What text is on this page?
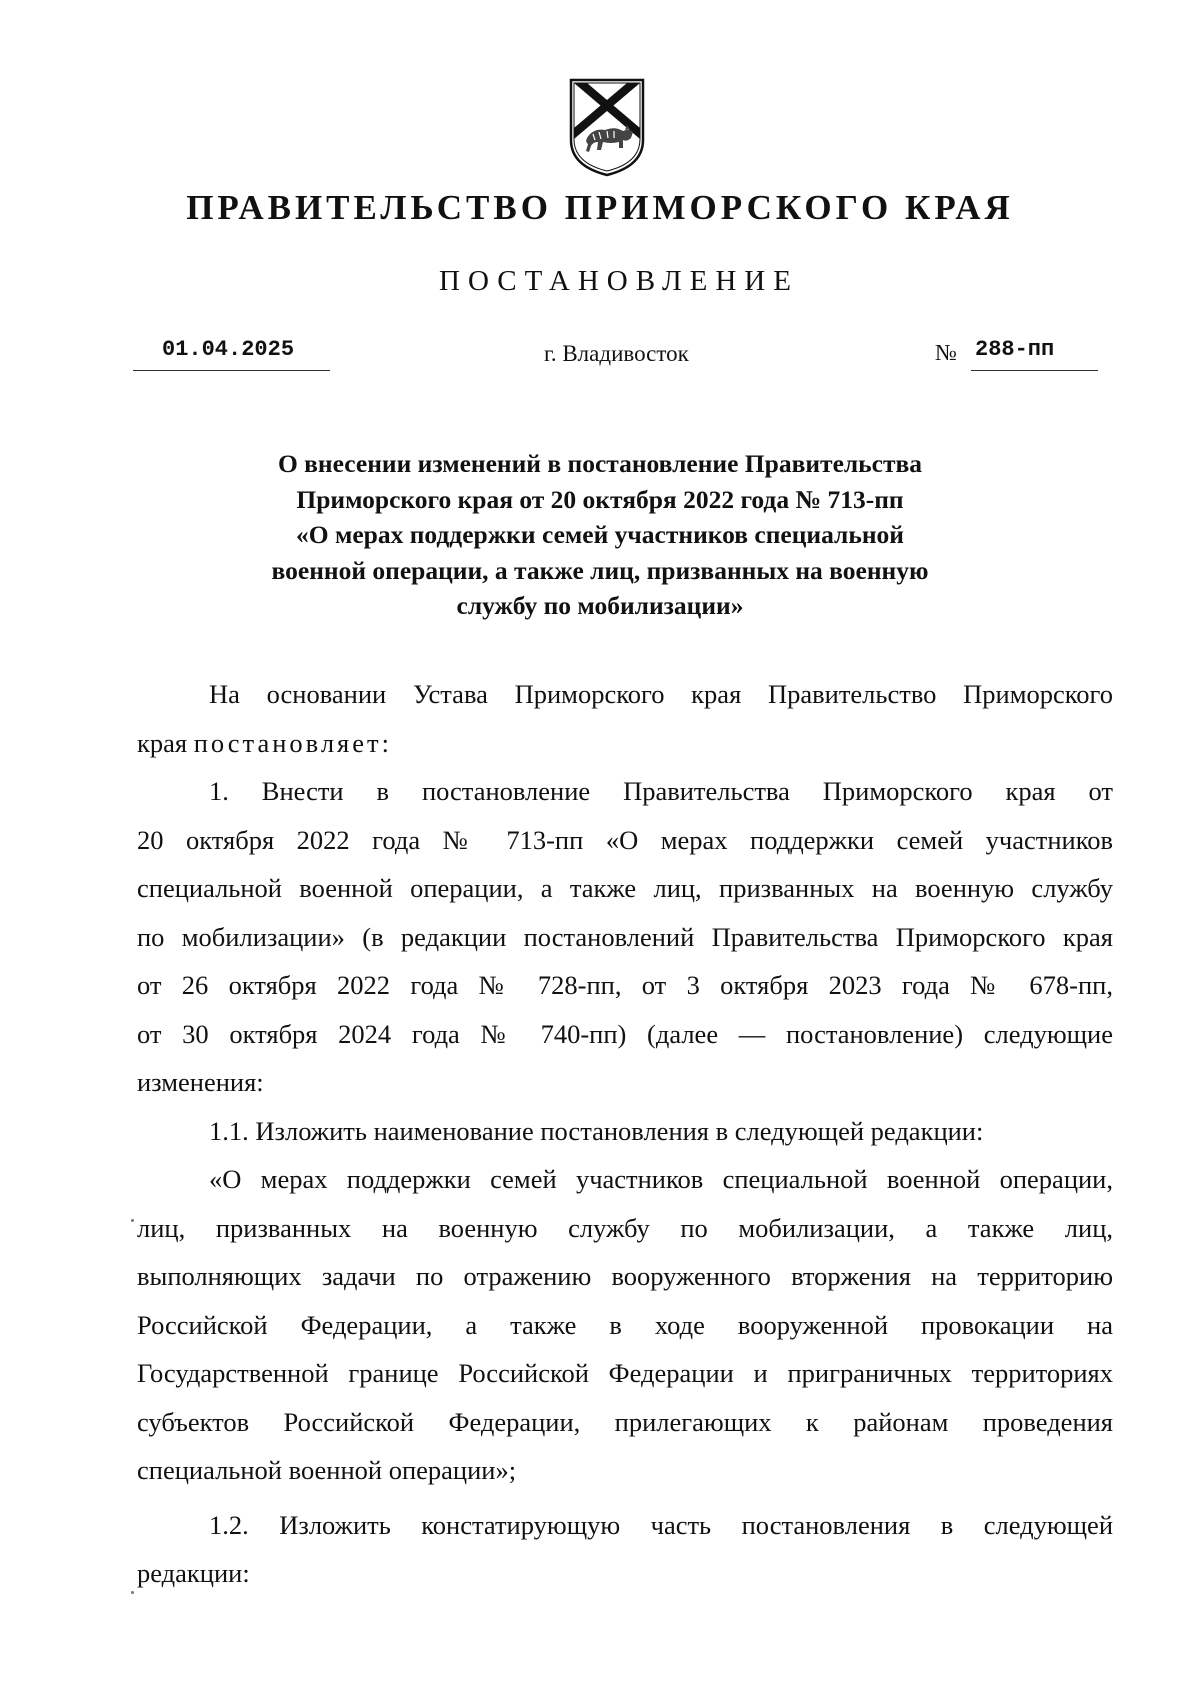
ПРАВИТЕЛЬСТВО ПРИМОРСКОГО КРАЯ
ПОСТАНОВЛЕНИЕ
01.04.2025	г. Владивосток	№ 288-пп
О внесении изменений в постановление Правительства
Приморского края от 20 октября 2022 года № 713-пп
«О мерах поддержки семей участников специальной
военной операции, а также лиц, призванных на военную
службу по мобилизации»
На основании Устава Приморского края Правительство Приморского
края постановляет:
1. Внести в постановление Правительства Приморского края от
20 октября 2022 года № 713-пп «О мерах поддержки семей участников
специальной военной операции, а также лиц, призванных на военную службу
по мобилизации» (в редакции постановлений Правительства Приморского края
от 26 октября 2022 года № 728-пп, от 3 октября 2023 года № 678-пп,
от 30 октября 2024 года № 740-пп) (далее — постановление) следующие
изменения:
1.1. Изложить наименование постановления в следующей редакции:
«О мерах поддержки семей участников специальной военной операции,
лиц, призванных на военную службу по мобилизации, а также лиц,
выполняющих задачи по отражению вооруженного вторжения на территорию
Российской Федерации, а также в ходе вооруженной провокации на
Государственной границе Российской Федерации и приграничных территориях
субъектов Российской Федерации, прилегающих к районам проведения
специальной военной операции»;
1.2. Изложить констатирующую часть постановления в следующей
редакции:
